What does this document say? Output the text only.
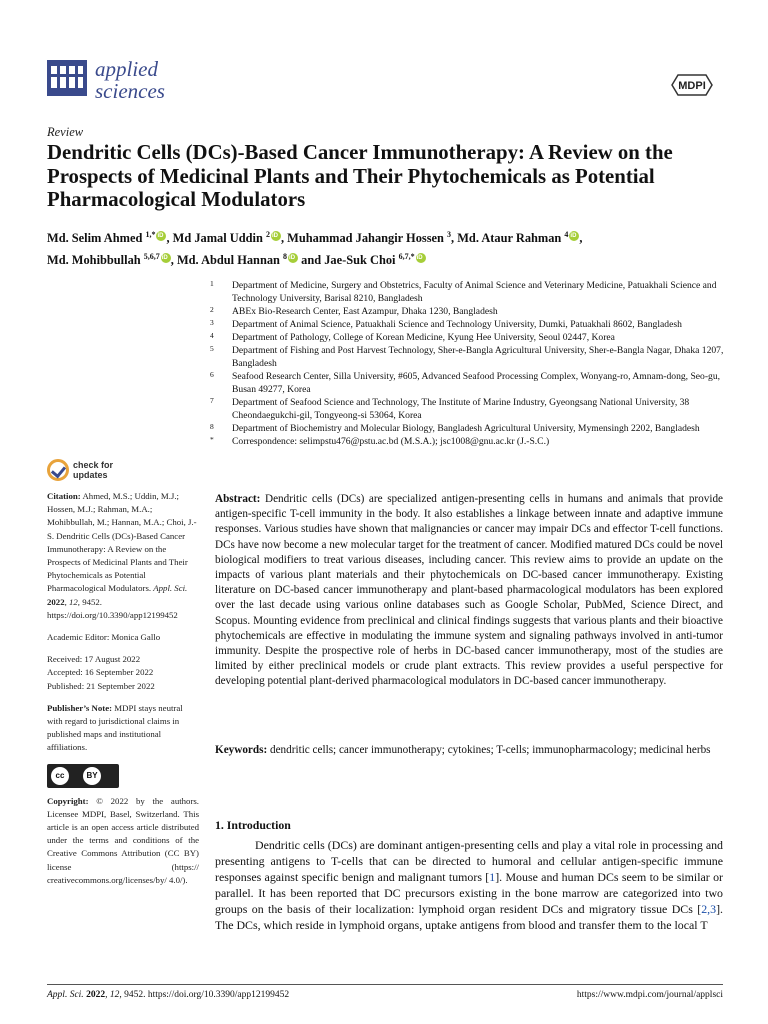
applied
sciences	MDPI
Review
Dendritic Cells (DCs)-Based Cancer Immunotherapy: A Review on the Prospects of Medicinal Plants and Their Phytochemicals as Potential Pharmacological Modulators
Md. Selim Ahmed $^{1,*}$ iD , Md Jamal Uddin $^2$ iD , Muhammad Jahangir Hossen $^3$, Md. Ataur Rahman $^4$ iD ,
Md. Mohibbullah $^{5,6,7}$ iD , Md. Abdul Hannan $^8$iD and Jae-Suk Choi $^{6,7,*}$iD
1	Department of Medicine, Surgery and Obstetrics, Faculty of Animal Science and Veterinary Medicine, Patuakhali Science and Technology University, Barisal 8210, Bangladesh
2	ABEx Bio-Research Center, East Azampur, Dhaka 1230, Bangladesh
3	Department of Animal Science, Patuakhali Science and Technology University, Dumki, Patuakhali 8602, Bangladesh
4	Department of Pathology, College of Korean Medicine, Kyung Hee University, Seoul 02447, Korea
5	Department of Fishing and Post Harvest Technology, Sher-e-Bangla Agricultural University, Sher-e-Bangla Nagar, Dhaka 1207, Bangladesh
6	Seafood Research Center, Silla University, #605, Advanced Seafood Processing Complex, Wonyang-ro, Amnam-dong, Seo-gu, Busan 49277, Korea
7	Department of Seafood Science and Technology, The Institute of Marine Industry, Gyeongsang National University, 38 Cheondaegukchi-gil, Tongyeong-si 53064, Korea
8	Department of Biochemistry and Molecular Biology, Bangladesh Agricultural University, Mymensingh 2202, Bangladesh
*	Correspondence: selimpstu476@pstu.ac.bd (M.S.A.); jsc1008@gnu.ac.kr (J.-S.C.)
check for
updates

Citation: Ahmed, M.S.; Uddin, M.J.; Hossen, M.J.; Rahman, M.A.; Mohibbullah, M.; Hannan, M.A.; Choi, J.-S. Dendritic Cells (DCs)-Based Cancer Immunotherapy: A Review on the Prospects of Medicinal Plants and Their Phytochemicals as Potential Pharmacological Modulators. Appl. Sci. 2022, 12, 9452. https://doi.org/10.3390/app12199452

Academic Editor: Monica Gallo

Received: 17 August 2022
Accepted: 16 September 2022
Published: 21 September 2022

Publisher’s Note: MDPI stays neutral with regard to jurisdictional claims in published maps and institutional affiliations.

cc	BY

Copyright: © 2022 by the authors. Licensee MDPI, Basel, Switzerland. This article is an open access article distributed under the terms and conditions of the Creative Commons Attribution (CC BY) license (https:// creativecommons.org/licenses/by/ 4.0/).

Abstract: Dendritic cells (DCs) are specialized antigen-presenting cells in humans and animals that provide antigen-specific T-cell immunity in the body. It also establishes a linkage between innate and adaptive immune responses. Various studies have shown that malignancies or cancer may impair DCs and effector T-cell functions. DCs have now become a new molecular target for the treatment of cancer. Modified matured DCs could be novel biological modifiers to treat various diseases, including cancer. This review aims to provide an update on the impacts of various plant materials and their phytochemicals on DC-based cancer immunotherapy. Existing literature on DC-based cancer immunotherapy and plant-based pharmacological modulators has been explored over the last decade using various online databases such as Google Scholar, PubMed, Science Direct, and Scopus. Mounting evidence from preclinical and clinical findings suggests that various plants and their bioactive phytochemicals are effective in modulating the immune system and signaling pathways involved in anti-tumor immunity. Despite the prospective role of herbs in DC-based cancer immunotherapy, most of the studies are limited by either preclinical models or crude plant extracts. This review provides a useful perspective for developing potential plant-derived pharmacological modulators in DC-based cancer immunotherapy.
Keywords: dendritic cells; cancer immunotherapy; cytokines; T-cells; immunopharmacology; medicinal herbs
1. Introduction
Dendritic cells (DCs) are dominant antigen-presenting cells and play a vital role in processing and presenting antigens to T-cells that can be directed to humoral and cellular antigen-specific immune responses against specific benign and malignant tumors [1]. Mouse and human DCs seem to be similar or parallel. It has been reported that DC precursors existing in the bone marrow are categorized into two groups on the basis of their localization: lymphoid organ resident DCs and migratory tissue DCs [2,3]. The DCs, which reside in lymphoid organs, uptake antigens from blood and transfer them to the local T
Appl. Sci. 2022, 12, 9452. https://doi.org/10.3390/app12199452	https://www.mdpi.com/journal/applsci
